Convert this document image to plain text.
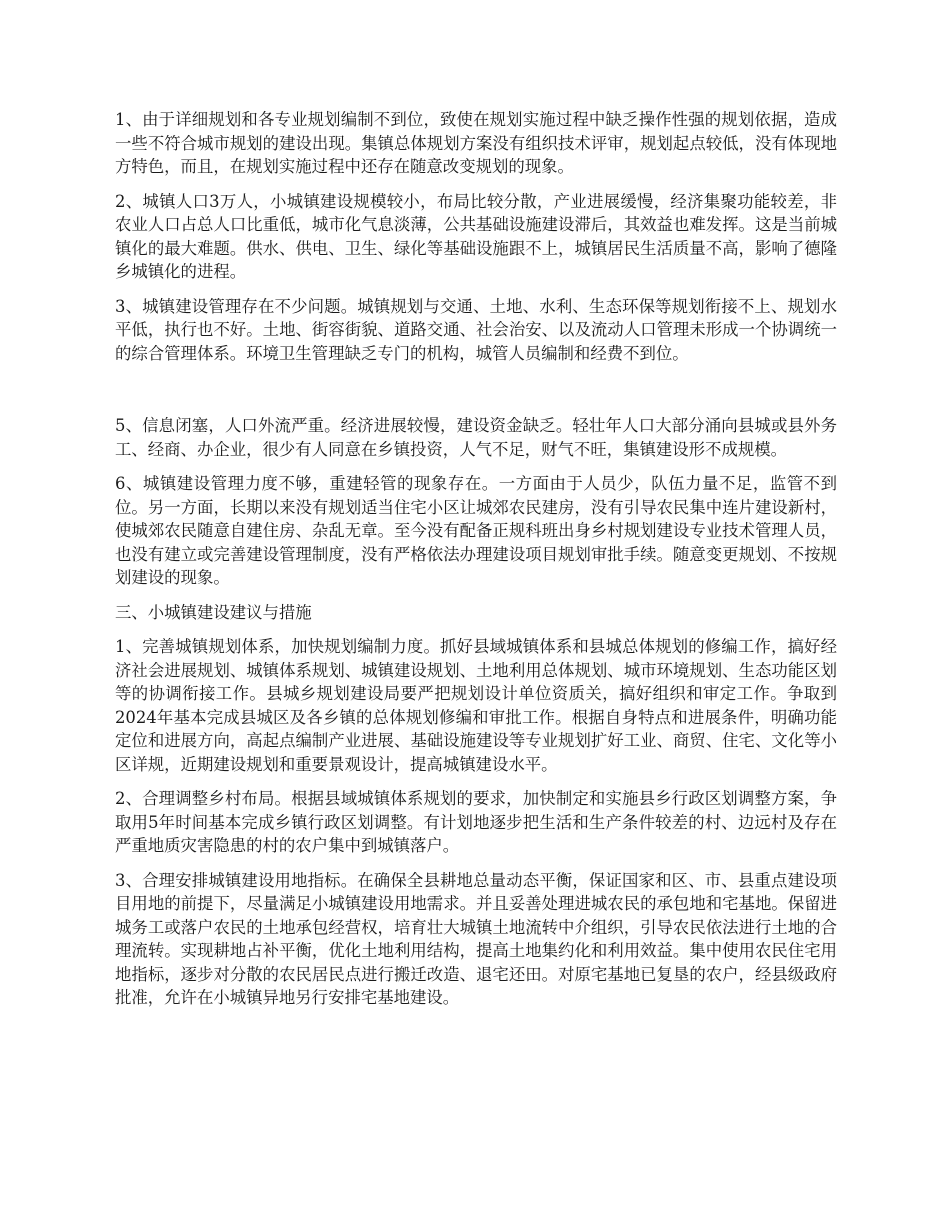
1、由于详细规划和各专业规划编制不到位，致使在规划实施过程中缺乏操作性强的规划依据，造成一些不符合城市规划的建设出现。集镇总体规划方案没有组织技术评审，规划起点较低，没有体现地方特色，而且，在规划实施过程中还存在随意改变规划的现象。

2、城镇人口3万人，小城镇建设规模较小，布局比较分散，产业进展缓慢，经济集聚功能较差，非农业人口占总人口比重低，城市化气息淡薄，公共基础设施建设滞后，其效益也难发挥。这是当前城镇化的最大难题。供水、供电、卫生、绿化等基础设施跟不上，城镇居民生活质量不高，影响了德隆乡城镇化的进程。

3、城镇建设管理存在不少问题。城镇规划与交通、土地、水利、生态环保等规划衔接不上、规划水平低，执行也不好。土地、街容街貌、道路交通、社会治安、以及流动人口管理未形成一个协调统一的综合管理体系。环境卫生管理缺乏专门的机构，城管人员编制和经费不到位。

5、信息闭塞，人口外流严重。经济进展较慢，建设资金缺乏。轻壮年人口大部分涌向县城或县外务工、经商、办企业，很少有人同意在乡镇投资，人气不足，财气不旺，集镇建设形不成规模。

6、城镇建设管理力度不够，重建轻管的现象存在。一方面由于人员少，队伍力量不足，监管不到位。另一方面，长期以来没有规划适当住宅小区让城郊农民建房，没有引导农民集中连片建设新村，使城郊农民随意自建住房、杂乱无章。至今没有配备正规科班出身乡村规划建设专业技术管理人员，也没有建立或完善建设管理制度，没有严格依法办理建设项目规划审批手续。随意变更规划、不按规划建设的现象。

三、小城镇建设建议与措施

1、完善城镇规划体系，加快规划编制力度。抓好县域城镇体系和县城总体规划的修编工作，搞好经济社会进展规划、城镇体系规划、城镇建设规划、土地利用总体规划、城市环境规划、生态功能区划等的协调衔接工作。县城乡规划建设局要严把规划设计单位资质关，搞好组织和审定工作。争取到2024年基本完成县城区及各乡镇的总体规划修编和审批工作。根据自身特点和进展条件，明确功能定位和进展方向，高起点编制产业进展、基础设施建设等专业规划扩好工业、商贸、住宅、文化等小区详规，近期建设规划和重要景观设计，提高城镇建设水平。

2、合理调整乡村布局。根据县域城镇体系规划的要求，加快制定和实施县乡行政区划调整方案，争取用5年时间基本完成乡镇行政区划调整。有计划地逐步把生活和生产条件较差的村、边远村及存在严重地质灾害隐患的村的农户集中到城镇落户。

3、合理安排城镇建设用地指标。在确保全县耕地总量动态平衡，保证国家和区、市、县重点建设项目用地的前提下，尽量满足小城镇建设用地需求。并且妥善处理进城农民的承包地和宅基地。保留进城务工或落户农民的土地承包经营权，培育壮大城镇土地流转中介组织，引导农民依法进行土地的合理流转。实现耕地占补平衡，优化土地利用结构，提高土地集约化和利用效益。集中使用农民住宅用地指标，逐步对分散的农民居民点进行搬迁改造、退宅还田。对原宅基地已复垦的农户，经县级政府批准，允许在小城镇异地另行安排宅基地建设。
